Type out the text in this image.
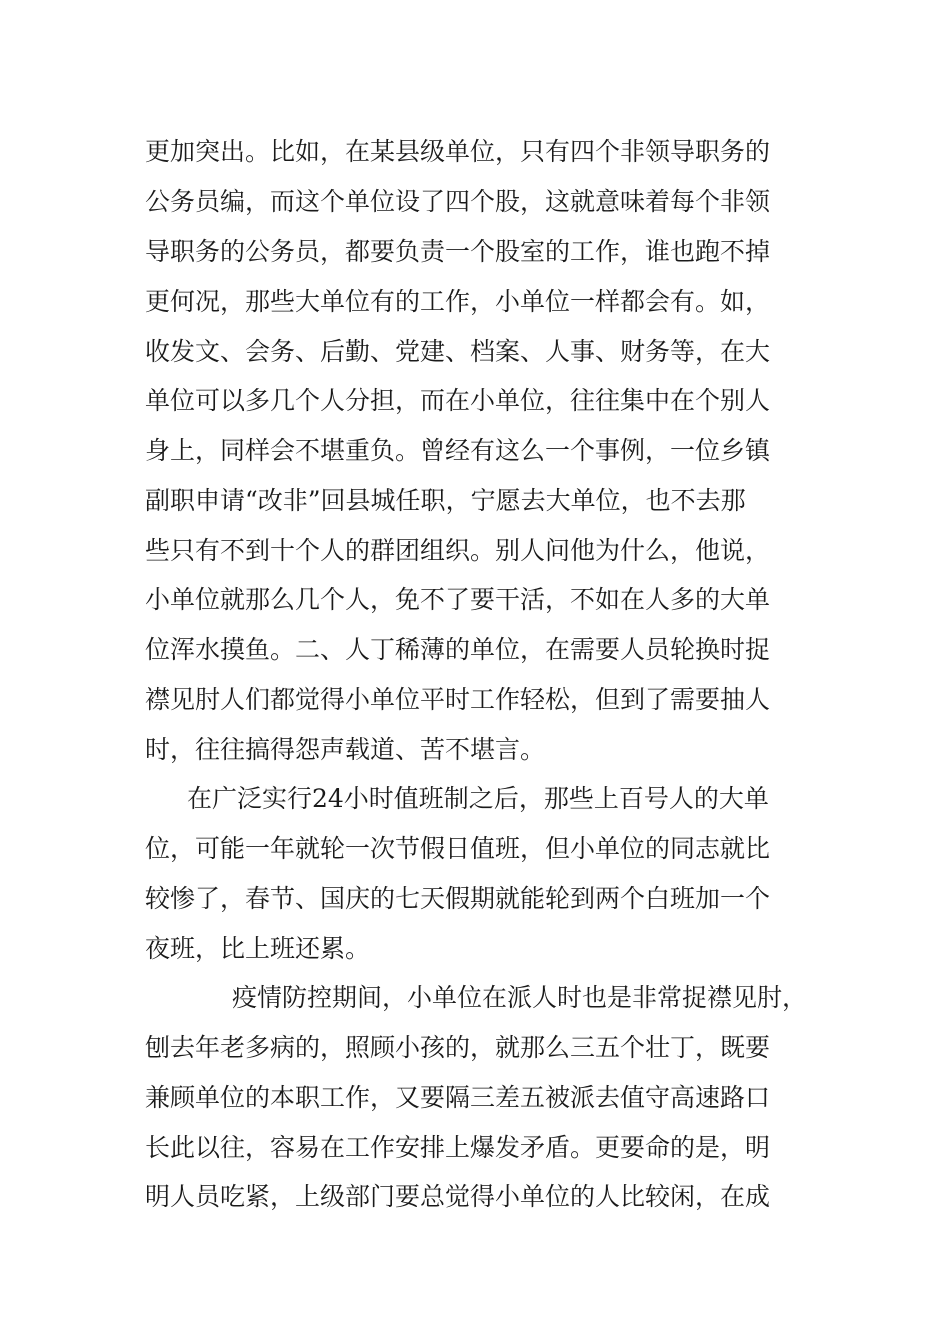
更加突出。比如，在某县级单位，只有四个非领导职务的

公务员编，而这个单位设了四个股，这就意味着每个非领

导职务的公务员，都要负责一个股室的工作，谁也跑不掉

更何况，那些大单位有的工作，小单位一样都会有。如，

收发文、会务、后勤、党建、档案、人事、财务等，在大

单位可以多几个人分担，而在小单位，往往集中在个别人

身上，同样会不堪重负。曾经有这么一个事例，一位乡镇

副职申请“改非”回县城任职，宁愿去大单位，也不去那

些只有不到十个人的群团组织。别人问他为什么，他说，

小单位就那么几个人，免不了要干活，不如在人多的大单

位浑水摸鱼。二、人丁稀薄的单位，在需要人员轮换时捉

襟见肘人们都觉得小单位平时工作轻松，但到了需要抽人

时，往往搞得怨声载道、苦不堪言。

在广泛实行24小时值班制之后，那些上百号人的大单

位，可能一年就轮一次节假日值班，但小单位的同志就比

较惨了，春节、国庆的七天假期就能轮到两个白班加一个

夜班，比上班还累。

疫情防控期间，小单位在派人时也是非常捉襟见肘，

刨去年老多病的，照顾小孩的，就那么三五个壮丁，既要

兼顾单位的本职工作，又要隔三差五被派去值守高速路口

长此以往，容易在工作安排上爆发矛盾。更要命的是，明

明人员吃紧，上级部门要总觉得小单位的人比较闲，在成
